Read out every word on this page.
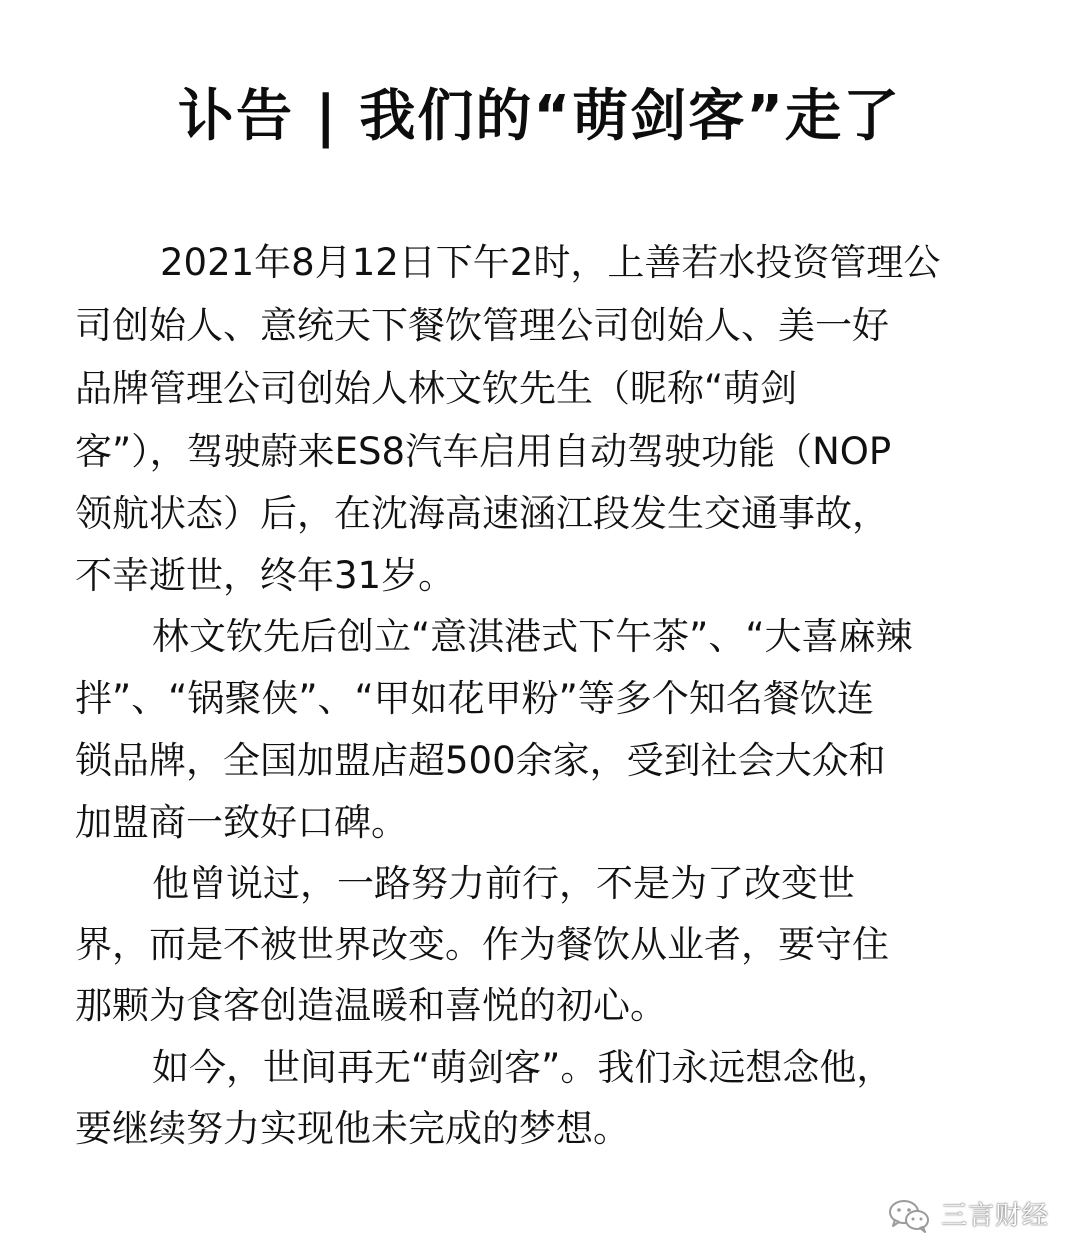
讣告 | 我们的“萌剑客”走了
2021年8月12日下午2时，上善若水投资管理公
司创始人、意统天下餐饮管理公司创始人、美一好
品牌管理公司创始人林文钦先生（昵称“萌剑
客”），驾驶蔚来ES8汽车启用自动驾驶功能（NOP
领航状态）后，在沈海高速涵江段发生交通事故，
不幸逝世，终年31岁。
林文钦先后创立“意淇港式下午茶”、“大喜麻辣
拌”、“锅聚侠”、“甲如花甲粉”等多个知名餐饮连
锁品牌，全国加盟店超500余家，受到社会大众和
加盟商一致好口碑。
他曾说过，一路努力前行，不是为了改变世
界，而是不被世界改变。作为餐饮从业者，要守住
那颗为食客创造温暖和喜悦的初心。
如今，世间再无“萌剑客”。我们永远想念他，
要继续努力实现他未完成的梦想。
三言财经
